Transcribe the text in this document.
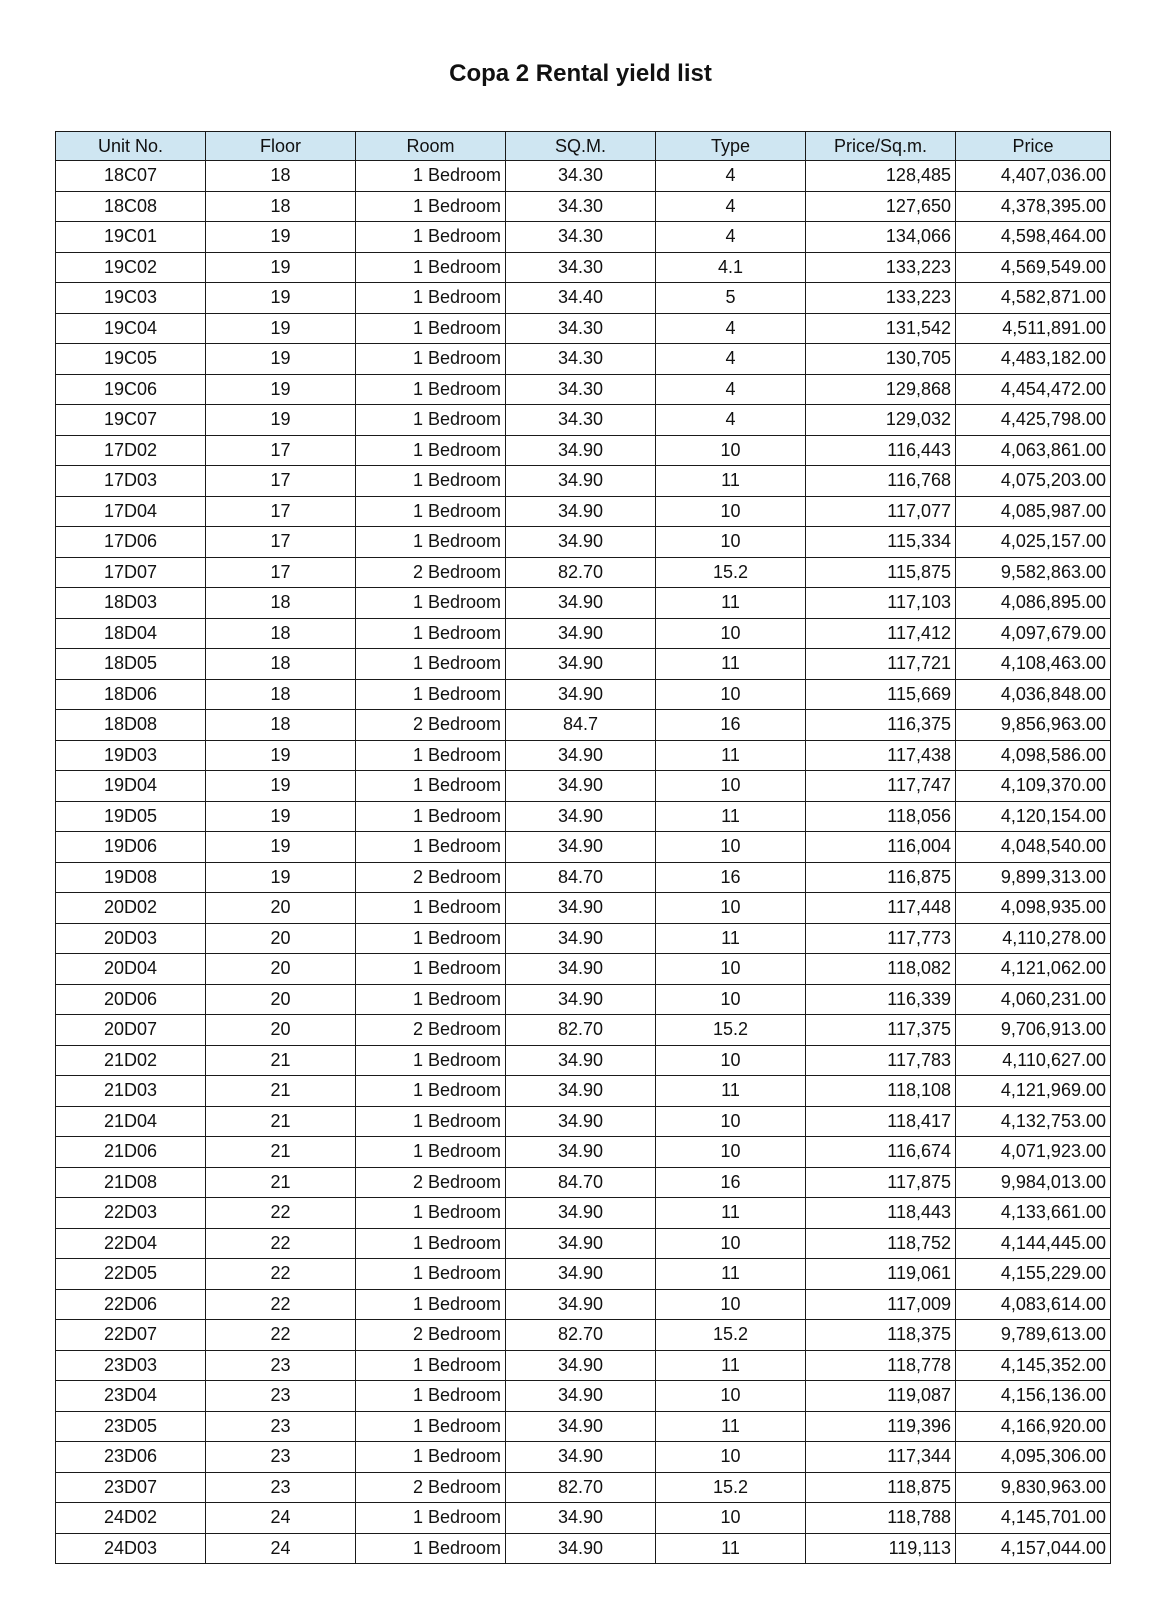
Copa 2 Rental yield list
Unit No.	Floor	Room	SQ.M.	Type	Price/Sq.m.	Price
18C07	18	1 Bedroom	34.30	4	128,485	4,407,036.00
18C08	18	1 Bedroom	34.30	4	127,650	4,378,395.00
19C01	19	1 Bedroom	34.30	4	134,066	4,598,464.00
19C02	19	1 Bedroom	34.30	4.1	133,223	4,569,549.00
19C03	19	1 Bedroom	34.40	5	133,223	4,582,871.00
19C04	19	1 Bedroom	34.30	4	131,542	4,511,891.00
19C05	19	1 Bedroom	34.30	4	130,705	4,483,182.00
19C06	19	1 Bedroom	34.30	4	129,868	4,454,472.00
19C07	19	1 Bedroom	34.30	4	129,032	4,425,798.00
17D02	17	1 Bedroom	34.90	10	116,443	4,063,861.00
17D03	17	1 Bedroom	34.90	11	116,768	4,075,203.00
17D04	17	1 Bedroom	34.90	10	117,077	4,085,987.00
17D06	17	1 Bedroom	34.90	10	115,334	4,025,157.00
17D07	17	2 Bedroom	82.70	15.2	115,875	9,582,863.00
18D03	18	1 Bedroom	34.90	11	117,103	4,086,895.00
18D04	18	1 Bedroom	34.90	10	117,412	4,097,679.00
18D05	18	1 Bedroom	34.90	11	117,721	4,108,463.00
18D06	18	1 Bedroom	34.90	10	115,669	4,036,848.00
18D08	18	2 Bedroom	84.7	16	116,375	9,856,963.00
19D03	19	1 Bedroom	34.90	11	117,438	4,098,586.00
19D04	19	1 Bedroom	34.90	10	117,747	4,109,370.00
19D05	19	1 Bedroom	34.90	11	118,056	4,120,154.00
19D06	19	1 Bedroom	34.90	10	116,004	4,048,540.00
19D08	19	2 Bedroom	84.70	16	116,875	9,899,313.00
20D02	20	1 Bedroom	34.90	10	117,448	4,098,935.00
20D03	20	1 Bedroom	34.90	11	117,773	4,110,278.00
20D04	20	1 Bedroom	34.90	10	118,082	4,121,062.00
20D06	20	1 Bedroom	34.90	10	116,339	4,060,231.00
20D07	20	2 Bedroom	82.70	15.2	117,375	9,706,913.00
21D02	21	1 Bedroom	34.90	10	117,783	4,110,627.00
21D03	21	1 Bedroom	34.90	11	118,108	4,121,969.00
21D04	21	1 Bedroom	34.90	10	118,417	4,132,753.00
21D06	21	1 Bedroom	34.90	10	116,674	4,071,923.00
21D08	21	2 Bedroom	84.70	16	117,875	9,984,013.00
22D03	22	1 Bedroom	34.90	11	118,443	4,133,661.00
22D04	22	1 Bedroom	34.90	10	118,752	4,144,445.00
22D05	22	1 Bedroom	34.90	11	119,061	4,155,229.00
22D06	22	1 Bedroom	34.90	10	117,009	4,083,614.00
22D07	22	2 Bedroom	82.70	15.2	118,375	9,789,613.00
23D03	23	1 Bedroom	34.90	11	118,778	4,145,352.00
23D04	23	1 Bedroom	34.90	10	119,087	4,156,136.00
23D05	23	1 Bedroom	34.90	11	119,396	4,166,920.00
23D06	23	1 Bedroom	34.90	10	117,344	4,095,306.00
23D07	23	2 Bedroom	82.70	15.2	118,875	9,830,963.00
24D02	24	1 Bedroom	34.90	10	118,788	4,145,701.00
24D03	24	1 Bedroom	34.90	11	119,113	4,157,044.00
